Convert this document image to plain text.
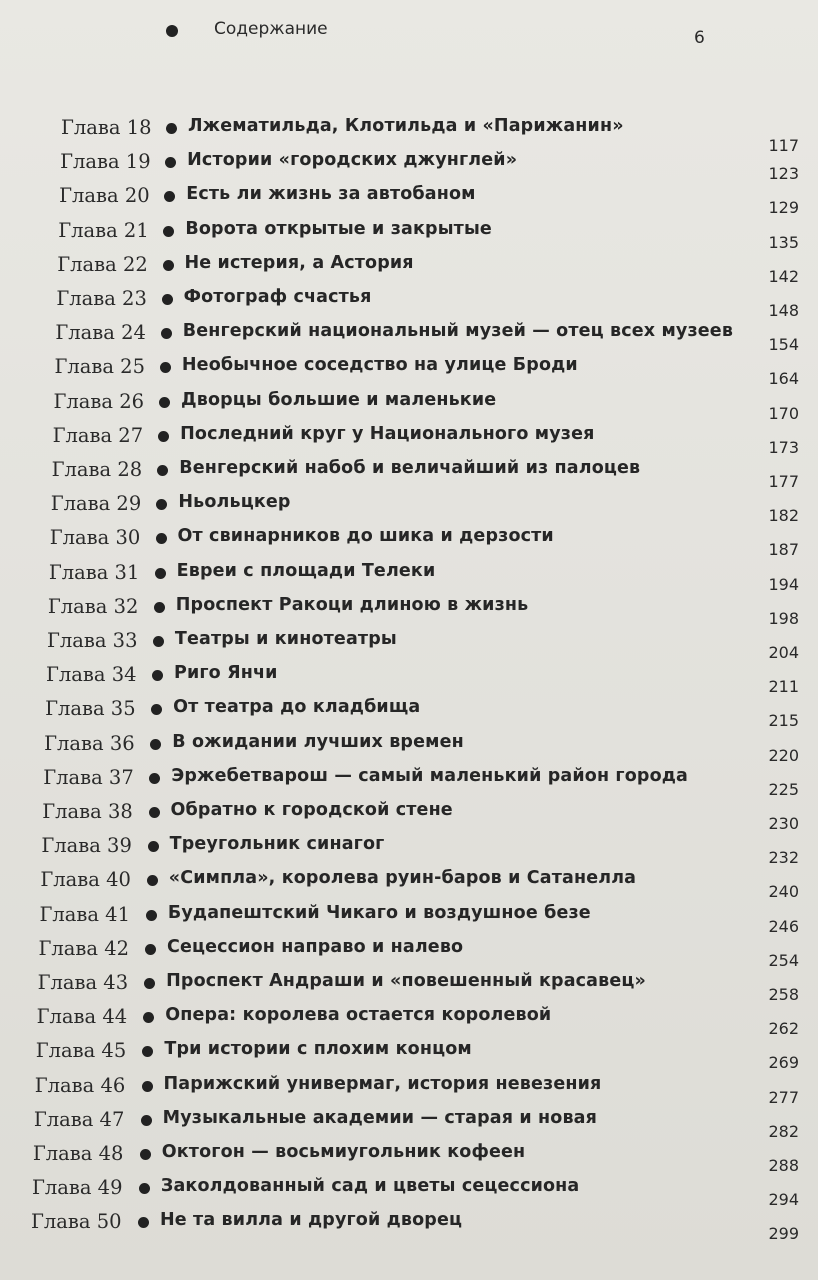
Содержание	6
Глава 18 Лжематильда, Клотильда и «Парижанин»
117
Глава 19 Истории «городских джунглей»
123
Глава 20 Есть ли жизнь за автобаном
129
Глава 21 Ворота открытые и закрытые
135
Глава 22 Не истерия, а Астория
142
Глава 23 Фотограф счастья
148
Глава 24 Венгерский национальный музей — отец всех музеев
154
Глава 25 Необычное соседство на улице Броди
164
Глава 26 Дворцы большие и маленькие
170
Глава 27 Последний круг у Национального музея
173
Глава 28 Венгерский набоб и величайший из палоцев
177
Глава 29 Ньольцкер
182
Глава 30 От свинарников до шика и дерзости
187
Глава 31 Евреи с площади Телеки
194
Глава 32 Проспект Ракоци длиною в жизнь
198
Глава 33 Театры и кинотеатры
204
Глава 34 Риго Янчи
211
Глава 35 От театра до кладбища
215
Глава 36 В ожидании лучших времен
220
Глава 37 Эржебетварош — самый маленький район города
225
Глава 38 Обратно к городской стене
230
Глава 39 Треугольник синагог
232
Глава 40 «Симпла», королева руин-баров и Сатанелла
240
Глава 41 Будапештский Чикаго и воздушное безе
246
Глава 42 Сецессион направо и налево
254
Глава 43 Проспект Андраши и «повешенный красавец»
258
Глава 44 Опера: королева остается королевой
262
Глава 45 Три истории с плохим концом
269
Глава 46 Парижский универмаг, история невезения
277
Глава 47 Музыкальные академии — старая и новая
282
Глава 48 Октогон — восьмиугольник кофеен
288
Глава 49 Заколдованный сад и цветы сецессиона
294
Глава 50 Не та вилла и другой дворец
299
